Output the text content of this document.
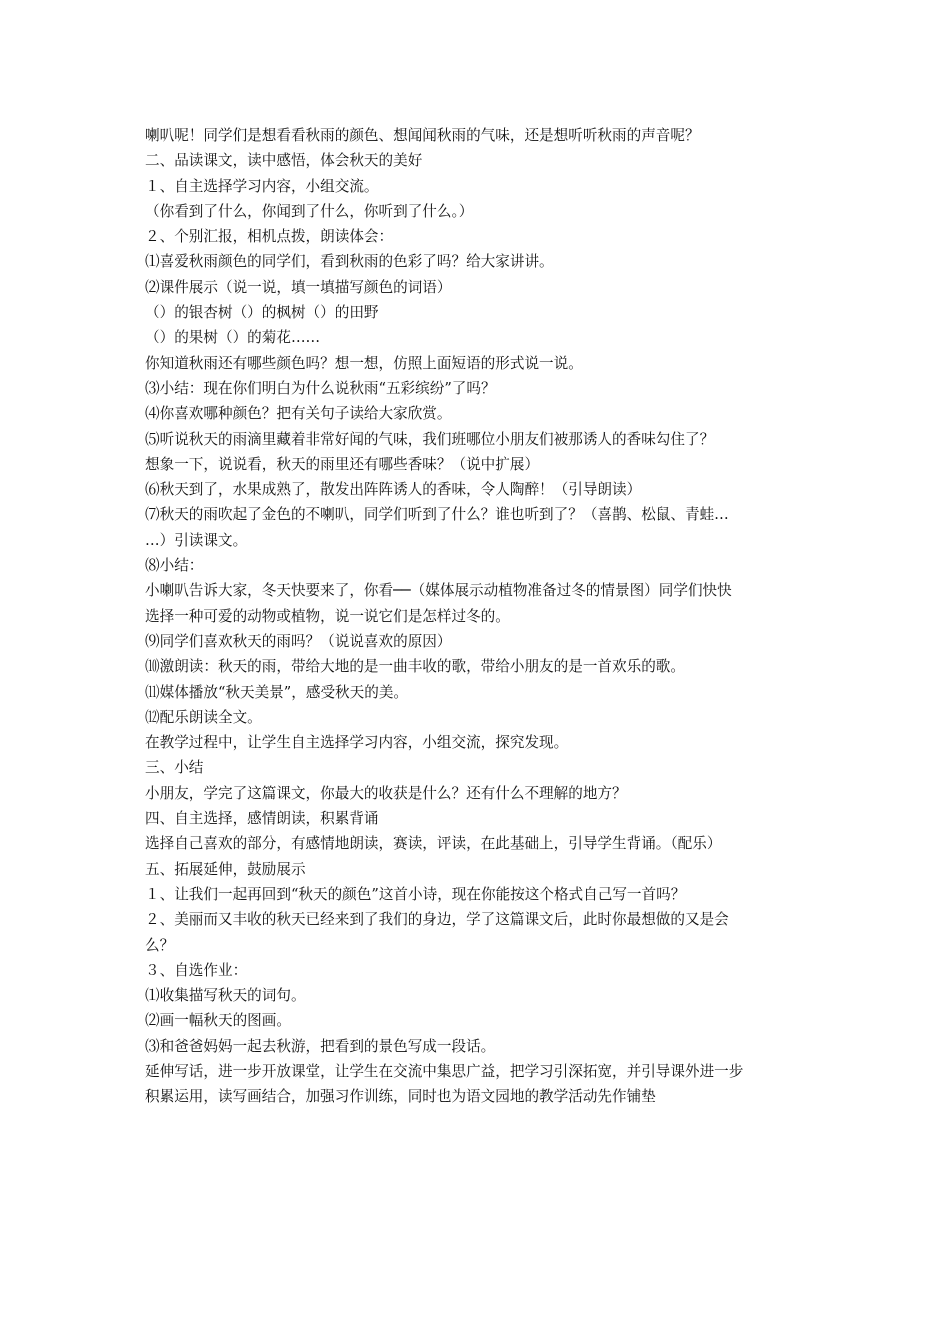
喇叭呢！同学们是想看看秋雨的颜色、想闻闻秋雨的气味，还是想听听秋雨的声音呢？
二、品读课文，读中感悟，体会秋天的美好
１、自主选择学习内容，小组交流。
（你看到了什么，你闻到了什么，你听到了什么。）
２、个别汇报，相机点拨，朗读体会：
⑴喜爱秋雨颜色的同学们，看到秋雨的色彩了吗？给大家讲讲。
⑵课件展示（说一说，填一填描写颜色的词语）
（）的银杏树（）的枫树（）的田野
（）的果树（）的菊花……
你知道秋雨还有哪些颜色吗？想一想，仿照上面短语的形式说一说。
⑶小结：现在你们明白为什么说秋雨“五彩缤纷”了吗？
⑷你喜欢哪种颜色？把有关句子读给大家欣赏。
⑸听说秋天的雨滴里藏着非常好闻的气味，我们班哪位小朋友们被那诱人的香味勾住了？
想象一下，说说看，秋天的雨里还有哪些香味？（说中扩展）
⑹秋天到了，水果成熟了，散发出阵阵诱人的香味，令人陶醉！（引导朗读）
⑺秋天的雨吹起了金色的不喇叭，同学们听到了什么？谁也听到了？（喜鹊、松鼠、青蛙…
…）引读课文。
⑻小结：
小喇叭告诉大家，冬天快要来了，你看──（媒体展示动植物准备过冬的情景图）同学们快快
选择一种可爱的动物或植物，说一说它们是怎样过冬的。
⑼同学们喜欢秋天的雨吗？（说说喜欢的原因）
⑽激朗读：秋天的雨，带给大地的是一曲丰收的歌，带给小朋友的是一首欢乐的歌。
⑾媒体播放“秋天美景”，感受秋天的美。
⑿配乐朗读全文。
在教学过程中，让学生自主选择学习内容，小组交流，探究发现。
三、小结
小朋友，学完了这篇课文，你最大的收获是什么？还有什么不理解的地方？
四、自主选择，感情朗读，积累背诵
选择自己喜欢的部分，有感情地朗读，赛读，评读，在此基础上，引导学生背诵。（配乐）
五、拓展延伸，鼓励展示
１、让我们一起再回到“秋天的颜色”这首小诗，现在你能按这个格式自己写一首吗？
２、美丽而又丰收的秋天已经来到了我们的身边，学了这篇课文后，此时你最想做的又是会
么？
３、自选作业：
⑴收集描写秋天的词句。
⑵画一幅秋天的图画。
⑶和爸爸妈妈一起去秋游，把看到的景色写成一段话。
延伸写话，进一步开放课堂，让学生在交流中集思广益，把学习引深拓宽，并引导课外进一步
积累运用，读写画结合，加强习作训练，同时也为语文园地的教学活动先作铺垫
